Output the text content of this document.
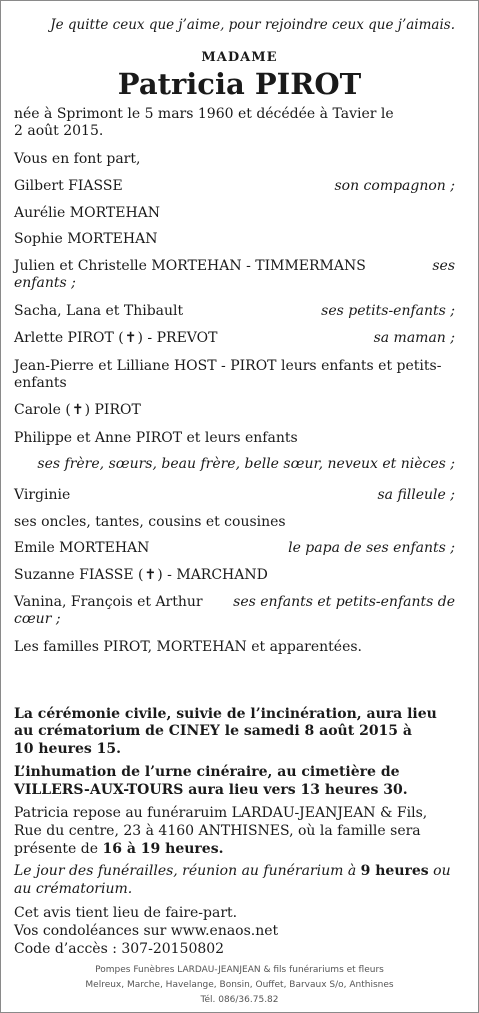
Je quitte ceux que j’aime, pour rejoindre ceux que j’aimais.
MADAME
Patricia PIROT
née à Sprimont le 5 mars 1960 et décédée à Tavier le
2 août 2015.
Vous en font part,
Gilbert FIASSE	son compagnon ;
Aurélie MORTEHAN
Sophie MORTEHAN
Julien et Christelle MORTEHAN - TIMMERMANS	ses
enfants ;
Sacha, Lana et Thibault	ses petits-enfants ;
Arlette PIROT (✝) - PREVOT	sa maman ;
Jean-Pierre et Lilliane HOST - PIROT leurs enfants et petits-
enfants
Carole (✝) PIROT
Philippe et Anne PIROT et leurs enfants
ses frère, sœurs, beau frère, belle sœur, neveux et nièces ;
Virginie	sa filleule ;
ses oncles, tantes, cousins et cousines
Emile MORTEHAN	le papa de ses enfants ;
Suzanne FIASSE (✝) - MARCHAND
Vanina, François et Arthur ses enfants et petits-enfants de
cœur ;
Les familles PIROT, MORTEHAN et apparentées.
La cérémonie civile, suivie de l’incinération, aura lieu
au crématorium de CINEY le samedi 8 août 2015 à
10 heures 15.
L’inhumation de l’urne cinéraire, au cimetière de
VILLERS-AUX-TOURS aura lieu vers 13 heures 30.
Patricia repose au funéraruim LARDAU-JEANJEAN & Fils,
Rue du centre, 23 à 4160 ANTHISNES, où la famille sera
présente de 16 à 19 heures.
Le jour des funérailles, réunion au funérarium à 9 heures ou
au crématorium.
Cet avis tient lieu de faire-part.
Vos condoléances sur www.enaos.net
Code d’accès : 307-20150802
Pompes Funèbres LARDAU-JEANJEAN & fils funérariums et fleurs
Melreux, Marche, Havelange, Bonsin, Ouffet, Barvaux S/o, Anthisnes
Tél. 086/36.75.82
